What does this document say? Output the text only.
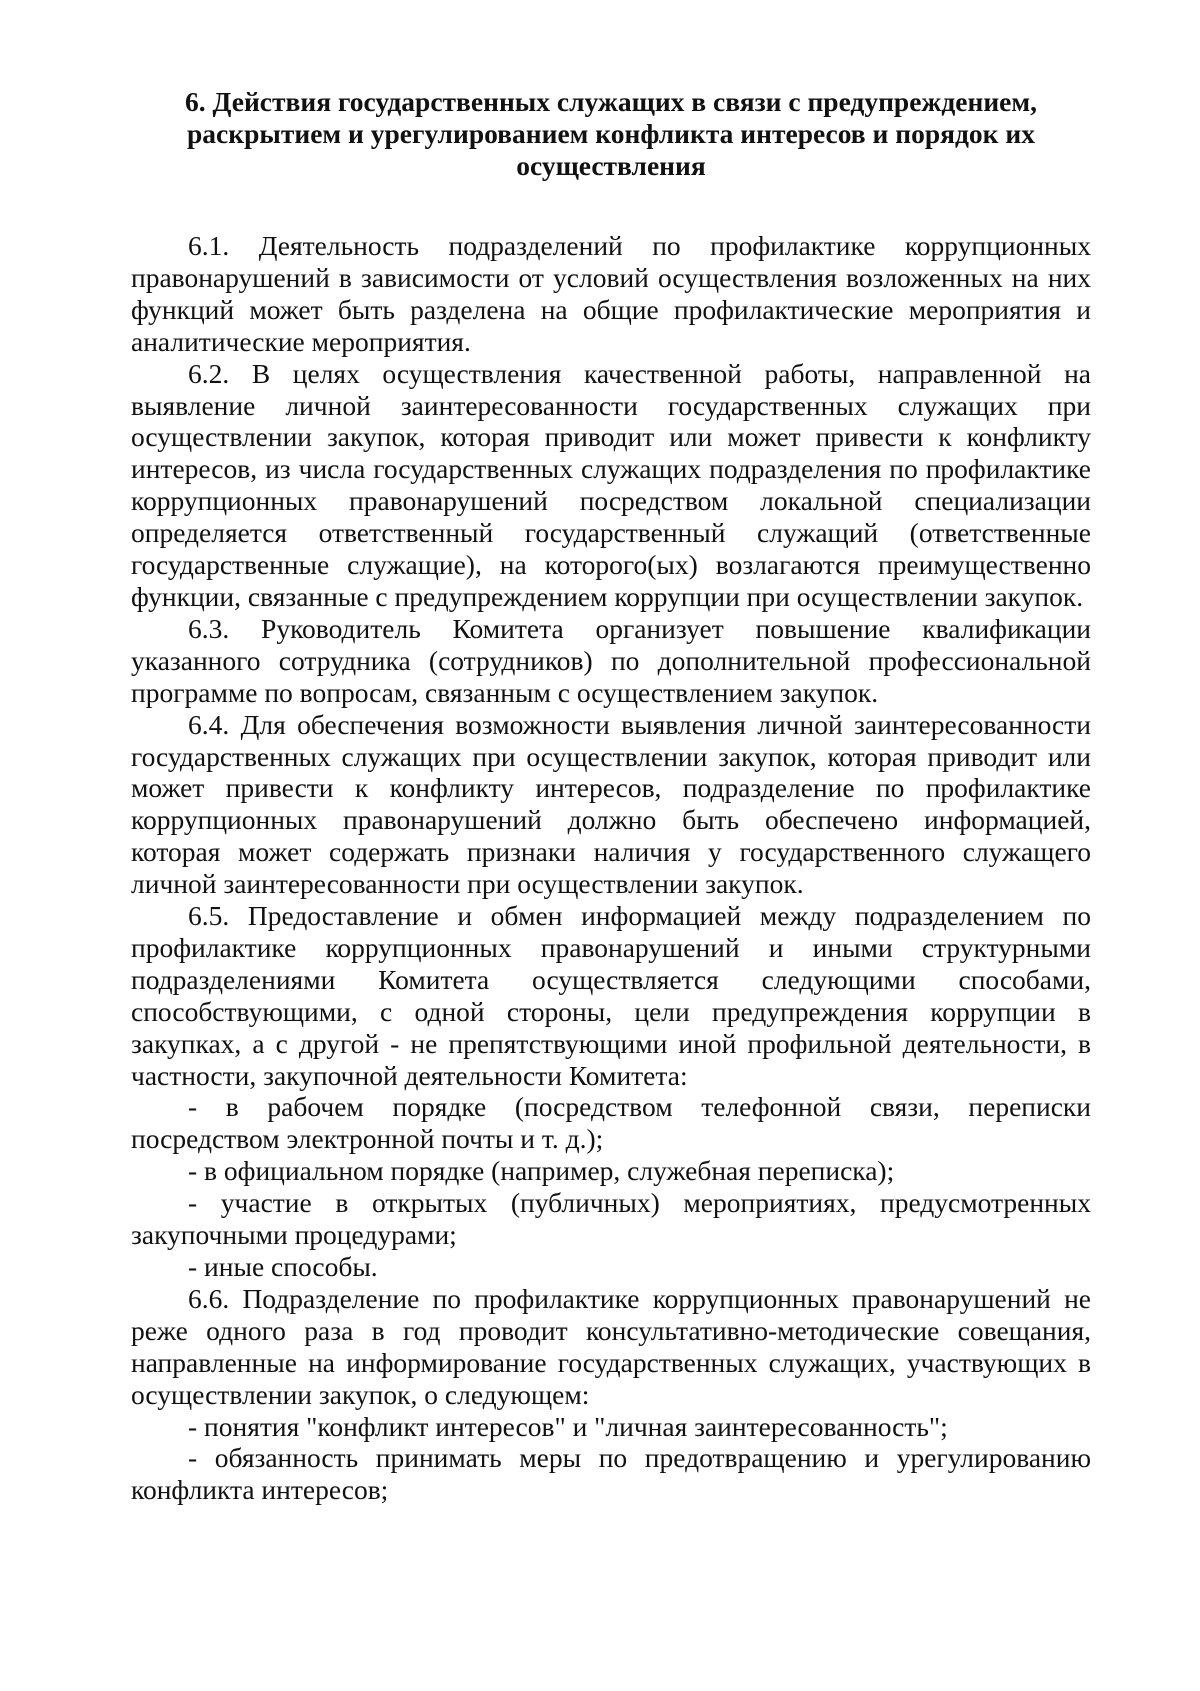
6. Действия государственных служащих в связи с предупреждением,
раскрытием и урегулированием конфликта интересов и порядок их
осуществления

6.1. Деятельность подразделений по профилактике коррупционных правонарушений в зависимости от условий осуществления возложенных на них функций может быть разделена на общие профилактические мероприятия и аналитические мероприятия.

6.2. В целях осуществления качественной работы, направленной на выявление личной заинтересованности государственных служащих при осуществлении закупок, которая приводит или может привести к конфликту интересов, из числа государственных служащих подразделения по профилактике коррупционных правонарушений посредством локальной специализации определяется ответственный государственный служащий (ответственные государственные служащие), на которого(ых) возлагаются преимущественно функции, связанные с предупреждением коррупции при осуществлении закупок.

6.3. Руководитель Комитета организует повышение квалификации указанного сотрудника (сотрудников) по дополнительной профессиональной программе по вопросам, связанным с осуществлением закупок.

6.4. Для обеспечения возможности выявления личной заинтересованности государственных служащих при осуществлении закупок, которая приводит или может привести к конфликту интересов, подразделение по профилактике коррупционных правонарушений должно быть обеспечено информацией, которая может содержать признаки наличия у государственного служащего личной заинтересованности при осуществлении закупок.

6.5. Предоставление и обмен информацией между подразделением по профилактике коррупционных правонарушений и иными структурными подразделениями Комитета осуществляется следующими способами, способствующими, с одной стороны, цели предупреждения коррупции в закупках, а с другой - не препятствующими иной профильной деятельности, в частности, закупочной деятельности Комитета:

- в рабочем порядке (посредством телефонной связи, переписки посредством электронной почты и т. д.);

- в официальном порядке (например, служебная переписка);

- участие в открытых (публичных) мероприятиях, предусмотренных закупочными процедурами;

- иные способы.

6.6. Подразделение по профилактике коррупционных правонарушений не реже одного раза в год проводит консультативно-методические совещания, направленные на информирование государственных служащих, участвующих в осуществлении закупок, о следующем:

- понятия "конфликт интересов" и "личная заинтересованность";

- обязанность принимать меры по предотвращению и урегулированию конфликта интересов;
